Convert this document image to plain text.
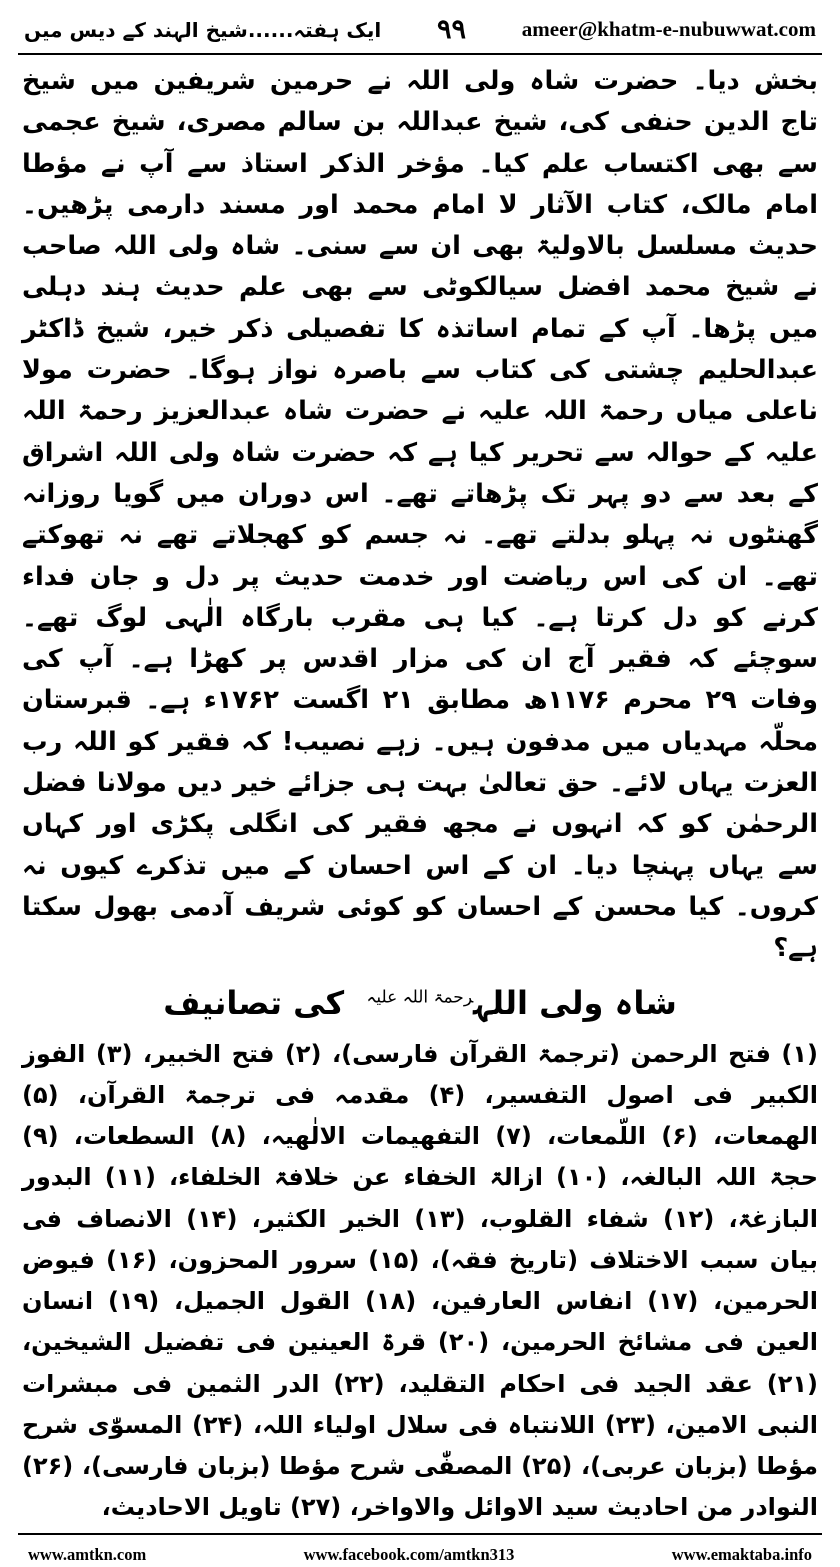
ایک ہفتہ......شیخ الہند کے دیس میں ٩٩	ameer@khatm-e-nubuwwat.com

بخش دیا۔ حضرت شاہ ولی اللہ نے حرمین شریفین میں شیخ تاج الدین حنفی کی، شیخ عبداللہ بن سالم مصری، شیخ عجمی سے بھی اکتساب علم کیا۔ مؤخر الذکر استاذ سے آپ نے مؤطا امام مالک، کتاب الآثار لا امام محمد اور مسند دارمی پڑھیں۔ حدیث مسلسل بالاولیۃ بھی ان سے سنی۔ شاہ ولی اللہ صاحب نے شیخ محمد افضل سیالکوٹی سے بھی علم حدیث ہند دہلی میں پڑھا۔ آپ کے تمام اساتذہ کا تفصیلی ذکر خیر، شیخ ڈاکٹر عبدالحلیم چشتی کی کتاب سے باصرہ نواز ہوگا۔ حضرت مولا ناعلی میاں رحمۃ اللہ علیہ نے حضرت شاہ عبدالعزیز رحمۃ اللہ علیہ کے حوالہ سے تحریر کیا ہے کہ حضرت شاہ ولی اللہ اشراق کے بعد سے دو پہر تک پڑھاتے تھے۔ اس دوران میں گویا روزانہ گھنٹوں نہ پہلو بدلتے تھے۔ نہ جسم کو کھجلاتے تھے نہ تھوکتے تھے۔ ان کی اس ریاضت اور خدمت حدیث پر دل و جان فداء کرنے کو دل کرتا ہے۔ کیا ہی مقرب بارگاہ الٰہی لوگ تھے۔ سوچئے کہ فقیر آج ان کی مزار اقدس پر کھڑا ہے۔ آپ کی وفات ۲۹ محرم ۱۱۷۶ھ مطابق ۲۱ اگست ۱۷۶۲ء ہے۔ قبرستان محلّہ مہدیاں میں مدفون ہیں۔ زہے نصیب! کہ فقیر کو اللہ رب العزت یہاں لائے۔ حق تعالیٰ بہت ہی جزائے خیر دیں مولانا فضل الرحمٰن کو کہ انہوں نے مجھ فقیر کی انگلی پکڑی اور کہاں سے یہاں پہنچا دیا۔ ان کے اس احسان کے میں تذکرے کیوں نہ کروں۔ کیا محسن کے احسان کو کوئی شریف آدمی بھول سکتا ہے؟

شاہ ولی اللہ$^{رحمۃ اللہ علیہ}$  کی تصانیف
(۱) فتح الرحمن (ترجمۃ القرآن فارسی)، (۲) فتح الخبیر، (۳) الفوز الکبیر فی اصول التفسیر، (۴) مقدمہ فی ترجمۃ القرآن، (۵) الھمعات، (۶) اللّمعات، (۷) التفھیمات الالٰھیہ، (۸) السطعات، (۹) حجۃ اللہ البالغہ، (۱۰) ازالۃ الخفاء عن خلافۃ الخلفاء، (۱۱) البدور البازغۃ، (۱۲) شفاء القلوب، (۱۳) الخیر الکثیر، (۱۴) الانصاف فی بیان سبب الاختلاف (تاریخ فقہ)، (۱۵) سرور المحزون، (۱۶) فیوض الحرمین، (۱۷) انفاس العارفین، (۱۸) القول الجمیل، (۱۹) انسان العین فی مشائخ الحرمین، (۲۰) قرۃ العینین فی تفضیل الشیخین، (۲۱) عقد الجید فی احکام التقلید، (۲۲) الدر الثمین فی مبشرات النبی الامین، (۲۳) اللانتباہ فی سلال اولیاء اللہ، (۲۴) المسوّٰی شرح مؤطا (بزبان عربی)، (۲۵) المصفّٰی شرح مؤطا (بزبان فارسی)، (۲۶) النوادر من احادیث سید الاوائل والاواخر، (۲۷) تاویل الاحادیث،
www.amtkn.com	www.facebook.com/amtkn313	www.emaktaba.info
